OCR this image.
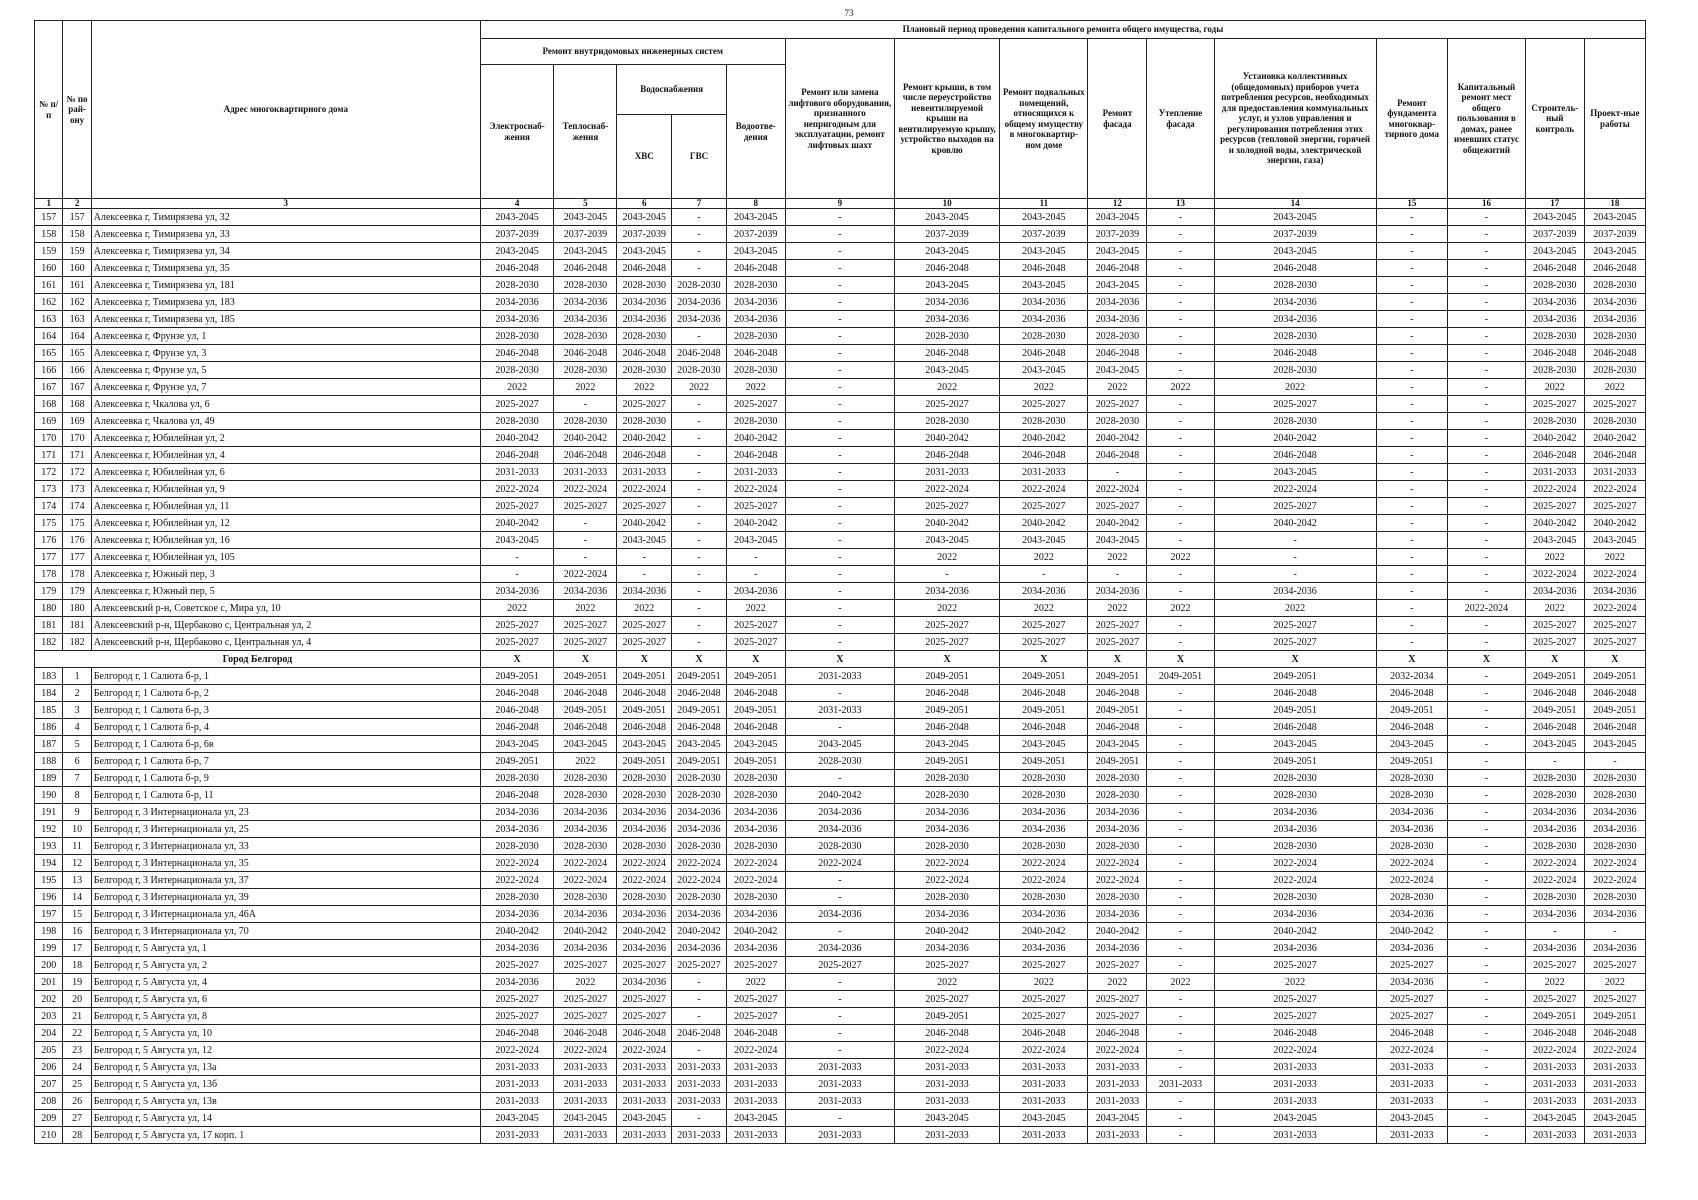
73
№ п/п	№ по рай-ону	Адрес многоквартирного дома	Плановый период проведения капитального ремонта общего имущества, годы														
			Ремонт внутридомовых инженерных систем					Ремонт или замена лифтового оборудования, признанного непригодным для эксплуатации, ремонт лифтовых шахт	Ремонт крыши, в том числе переустройство невентилируемой крыши на вентилируемую крышу, устройство выходов на кровлю	Ремонт подвальных помещений, относящихся к общему имуществу в многоквартир-ном доме	Ремонт фасада	Утепление фасада	Установка коллективных (общедомовых) приборов учета потребления ресурсов, необходимых для предоставления коммунальных услуг, и узлов управления и регулирования потребления этих ресурсов (тепловой энергии, горячей и холодной воды, электрической энергии, газа)	Ремонт фундамента многоквар-тирного дома	Капитальный ремонт мест общего пользования в домах, ранее имевших статус общежитий	Строитель-ный контроль	Проект-ные работы
			Электроснаб-жения	Теплоснаб-жения	Водоснабжения		Водоотве-дения										
					ХВС	ГВС											
1	2	3	4	5	6	7	8	9	10	11	12	13	14	15	16	17	18
157	157	Алексеевка г, Тимирязева ул, 32	2043-2045	2043-2045	2043-2045	-	2043-2045	-	2043-2045	2043-2045	2043-2045	-	2043-2045	-	-	2043-2045	2043-2045
158	158	Алексеевка г, Тимирязева ул, 33	2037-2039	2037-2039	2037-2039	-	2037-2039	-	2037-2039	2037-2039	2037-2039	-	2037-2039	-	-	2037-2039	2037-2039
159	159	Алексеевка г, Тимирязева ул, 34	2043-2045	2043-2045	2043-2045	-	2043-2045	-	2043-2045	2043-2045	2043-2045	-	2043-2045	-	-	2043-2045	2043-2045
160	160	Алексеевка г, Тимирязева ул, 35	2046-2048	2046-2048	2046-2048	-	2046-2048	-	2046-2048	2046-2048	2046-2048	-	2046-2048	-	-	2046-2048	2046-2048
161	161	Алексеевка г, Тимирязева ул, 181	2028-2030	2028-2030	2028-2030	2028-2030	2028-2030	-	2043-2045	2043-2045	2043-2045	-	2028-2030	-	-	2028-2030	2028-2030
162	162	Алексеевка г, Тимирязева ул, 183	2034-2036	2034-2036	2034-2036	2034-2036	2034-2036	-	2034-2036	2034-2036	2034-2036	-	2034-2036	-	-	2034-2036	2034-2036
163	163	Алексеевка г, Тимирязева ул, 185	2034-2036	2034-2036	2034-2036	2034-2036	2034-2036	-	2034-2036	2034-2036	2034-2036	-	2034-2036	-	-	2034-2036	2034-2036
164	164	Алексеевка г, Фрунзе ул, 1	2028-2030	2028-2030	2028-2030	-	2028-2030	-	2028-2030	2028-2030	2028-2030	-	2028-2030	-	-	2028-2030	2028-2030
165	165	Алексеевка г, Фрунзе ул, 3	2046-2048	2046-2048	2046-2048	2046-2048	2046-2048	-	2046-2048	2046-2048	2046-2048	-	2046-2048	-	-	2046-2048	2046-2048
166	166	Алексеевка г, Фрунзе ул, 5	2028-2030	2028-2030	2028-2030	2028-2030	2028-2030	-	2043-2045	2043-2045	2043-2045	-	2028-2030	-	-	2028-2030	2028-2030
167	167	Алексеевка г, Фрунзе ул, 7	2022	2022	2022	2022	2022	-	2022	2022	2022	2022	2022	-	-	2022	2022
168	168	Алексеевка г, Чкалова ул, 6	2025-2027	-	2025-2027	-	2025-2027	-	2025-2027	2025-2027	2025-2027	-	2025-2027	-	-	2025-2027	2025-2027
169	169	Алексеевка г, Чкалова ул, 49	2028-2030	2028-2030	2028-2030	-	2028-2030	-	2028-2030	2028-2030	2028-2030	-	2028-2030	-	-	2028-2030	2028-2030
170	170	Алексеевка г, Юбилейная ул, 2	2040-2042	2040-2042	2040-2042	-	2040-2042	-	2040-2042	2040-2042	2040-2042	-	2040-2042	-	-	2040-2042	2040-2042
171	171	Алексеевка г, Юбилейная ул, 4	2046-2048	2046-2048	2046-2048	-	2046-2048	-	2046-2048	2046-2048	2046-2048	-	2046-2048	-	-	2046-2048	2046-2048
172	172	Алексеевка г, Юбилейная ул, 6	2031-2033	2031-2033	2031-2033	-	2031-2033	-	2031-2033	2031-2033	-	-	2043-2045	-	-	2031-2033	2031-2033
173	173	Алексеевка г, Юбилейная ул, 9	2022-2024	2022-2024	2022-2024	-	2022-2024	-	2022-2024	2022-2024	2022-2024	-	2022-2024	-	-	2022-2024	2022-2024
174	174	Алексеевка г, Юбилейная ул, 11	2025-2027	2025-2027	2025-2027	-	2025-2027	-	2025-2027	2025-2027	2025-2027	-	2025-2027	-	-	2025-2027	2025-2027
175	175	Алексеевка г, Юбилейная ул, 12	2040-2042	-	2040-2042	-	2040-2042	-	2040-2042	2040-2042	2040-2042	-	2040-2042	-	-	2040-2042	2040-2042
176	176	Алексеевка г, Юбилейная ул, 16	2043-2045	-	2043-2045	-	2043-2045	-	2043-2045	2043-2045	2043-2045	-	-	-	-	2043-2045	2043-2045
177	177	Алексеевка г, Юбилейная ул, 105	-	-	-	-	-	-	2022	2022	2022	2022	-	-	-	2022	2022
178	178	Алексеевка г, Южный пер, 3	-	2022-2024	-	-	-	-	-	-	-	-	-	-	-	2022-2024	2022-2024
179	179	Алексеевка г, Южный пер, 5	2034-2036	2034-2036	2034-2036	-	2034-2036	-	2034-2036	2034-2036	2034-2036	-	2034-2036	-	-	2034-2036	2034-2036
180	180	Алексеевский р-н, Советское с, Мира ул, 10	2022	2022	2022	-	2022	-	2022	2022	2022	2022	2022	-	2022-2024	2022	2022-2024
181	181	Алексеевский р-н, Щербаково с, Центральная ул, 2	2025-2027	2025-2027	2025-2027	-	2025-2027	-	2025-2027	2025-2027	2025-2027	-	2025-2027	-	-	2025-2027	2025-2027
182	182	Алексеевский р-н, Щербаково с, Центральная ул, 4	2025-2027	2025-2027	2025-2027	-	2025-2027	-	2025-2027	2025-2027	2025-2027	-	2025-2027	-	-	2025-2027	2025-2027
Город Белгород			X	X	X	X	X	X	X	X	X	X	X	X	X	X	X
183	1	Белгород г, 1 Салюта б-р, 1	2049-2051	2049-2051	2049-2051	2049-2051	2049-2051	2031-2033	2049-2051	2049-2051	2049-2051	2049-2051	2049-2051	2032-2034	-	2049-2051	2049-2051
184	2	Белгород г, 1 Салюта б-р, 2	2046-2048	2046-2048	2046-2048	2046-2048	2046-2048	-	2046-2048	2046-2048	2046-2048	-	2046-2048	2046-2048	-	2046-2048	2046-2048
185	3	Белгород г, 1 Салюта б-р, 3	2046-2048	2049-2051	2049-2051	2049-2051	2049-2051	2031-2033	2049-2051	2049-2051	2049-2051	-	2049-2051	2049-2051	-	2049-2051	2049-2051
186	4	Белгород г, 1 Салюта б-р, 4	2046-2048	2046-2048	2046-2048	2046-2048	2046-2048	-	2046-2048	2046-2048	2046-2048	-	2046-2048	2046-2048	-	2046-2048	2046-2048
187	5	Белгород г, 1 Салюта б-р, 6в	2043-2045	2043-2045	2043-2045	2043-2045	2043-2045	2043-2045	2043-2045	2043-2045	2043-2045	-	2043-2045	2043-2045	-	2043-2045	2043-2045
188	6	Белгород г, 1 Салюта б-р, 7	2049-2051	2022	2049-2051	2049-2051	2049-2051	2028-2030	2049-2051	2049-2051	2049-2051	-	2049-2051	2049-2051	-	-	-
189	7	Белгород г, 1 Салюта б-р, 9	2028-2030	2028-2030	2028-2030	2028-2030	2028-2030	-	2028-2030	2028-2030	2028-2030	-	2028-2030	2028-2030	-	2028-2030	2028-2030
190	8	Белгород г, 1 Салюта б-р, 11	2046-2048	2028-2030	2028-2030	2028-2030	2028-2030	2040-2042	2028-2030	2028-2030	2028-2030	-	2028-2030	2028-2030	-	2028-2030	2028-2030
191	9	Белгород г, 3 Интернационала ул, 23	2034-2036	2034-2036	2034-2036	2034-2036	2034-2036	2034-2036	2034-2036	2034-2036	2034-2036	-	2034-2036	2034-2036	-	2034-2036	2034-2036
192	10	Белгород г, 3 Интернационала ул, 25	2034-2036	2034-2036	2034-2036	2034-2036	2034-2036	2034-2036	2034-2036	2034-2036	2034-2036	-	2034-2036	2034-2036	-	2034-2036	2034-2036
193	11	Белгород г, 3 Интернационала ул, 33	2028-2030	2028-2030	2028-2030	2028-2030	2028-2030	2028-2030	2028-2030	2028-2030	2028-2030	-	2028-2030	2028-2030	-	2028-2030	2028-2030
194	12	Белгород г, 3 Интернационала ул, 35	2022-2024	2022-2024	2022-2024	2022-2024	2022-2024	2022-2024	2022-2024	2022-2024	2022-2024	-	2022-2024	2022-2024	-	2022-2024	2022-2024
195	13	Белгород г, 3 Интернационала ул, 37	2022-2024	2022-2024	2022-2024	2022-2024	2022-2024	-	2022-2024	2022-2024	2022-2024	-	2022-2024	2022-2024	-	2022-2024	2022-2024
196	14	Белгород г, 3 Интернационала ул, 39	2028-2030	2028-2030	2028-2030	2028-2030	2028-2030	-	2028-2030	2028-2030	2028-2030	-	2028-2030	2028-2030	-	2028-2030	2028-2030
197	15	Белгород г, 3 Интернационала ул, 46А	2034-2036	2034-2036	2034-2036	2034-2036	2034-2036	2034-2036	2034-2036	2034-2036	2034-2036	-	2034-2036	2034-2036	-	2034-2036	2034-2036
198	16	Белгород г, 3 Интернационала ул, 70	2040-2042	2040-2042	2040-2042	2040-2042	2040-2042	-	2040-2042	2040-2042	2040-2042	-	2040-2042	2040-2042	-	-	-
199	17	Белгород г, 5 Августа ул, 1	2034-2036	2034-2036	2034-2036	2034-2036	2034-2036	2034-2036	2034-2036	2034-2036	2034-2036	-	2034-2036	2034-2036	-	2034-2036	2034-2036
200	18	Белгород г, 5 Августа ул, 2	2025-2027	2025-2027	2025-2027	2025-2027	2025-2027	2025-2027	2025-2027	2025-2027	2025-2027	-	2025-2027	2025-2027	-	2025-2027	2025-2027
201	19	Белгород г, 5 Августа ул, 4	2034-2036	2022	2034-2036	-	2022	-	2022	2022	2022	2022	2022	2034-2036	-	2022	2022
202	20	Белгород г, 5 Августа ул, 6	2025-2027	2025-2027	2025-2027	-	2025-2027	-	2025-2027	2025-2027	2025-2027	-	2025-2027	2025-2027	-	2025-2027	2025-2027
203	21	Белгород г, 5 Августа ул, 8	2025-2027	2025-2027	2025-2027	-	2025-2027	-	2049-2051	2025-2027	2025-2027	-	2025-2027	2025-2027	-	2049-2051	2049-2051
204	22	Белгород г, 5 Августа ул, 10	2046-2048	2046-2048	2046-2048	2046-2048	2046-2048	-	2046-2048	2046-2048	2046-2048	-	2046-2048	2046-2048	-	2046-2048	2046-2048
205	23	Белгород г, 5 Августа ул, 12	2022-2024	2022-2024	2022-2024	-	2022-2024	-	2022-2024	2022-2024	2022-2024	-	2022-2024	2022-2024	-	2022-2024	2022-2024
206	24	Белгород г, 5 Августа ул, 13а	2031-2033	2031-2033	2031-2033	2031-2033	2031-2033	2031-2033	2031-2033	2031-2033	2031-2033	-	2031-2033	2031-2033	-	2031-2033	2031-2033
207	25	Белгород г, 5 Августа ул, 13б	2031-2033	2031-2033	2031-2033	2031-2033	2031-2033	2031-2033	2031-2033	2031-2033	2031-2033	2031-2033	2031-2033	2031-2033	-	2031-2033	2031-2033
208	26	Белгород г, 5 Августа ул, 13в	2031-2033	2031-2033	2031-2033	2031-2033	2031-2033	2031-2033	2031-2033	2031-2033	2031-2033	-	2031-2033	2031-2033	-	2031-2033	2031-2033
209	27	Белгород г, 5 Августа ул, 14	2043-2045	2043-2045	2043-2045	-	2043-2045	-	2043-2045	2043-2045	2043-2045	-	2043-2045	2043-2045	-	2043-2045	2043-2045
210	28	Белгород г, 5 Августа ул, 17 корп. 1	2031-2033	2031-2033	2031-2033	2031-2033	2031-2033	2031-2033	2031-2033	2031-2033	2031-2033	-	2031-2033	2031-2033	-	2031-2033	2031-2033
